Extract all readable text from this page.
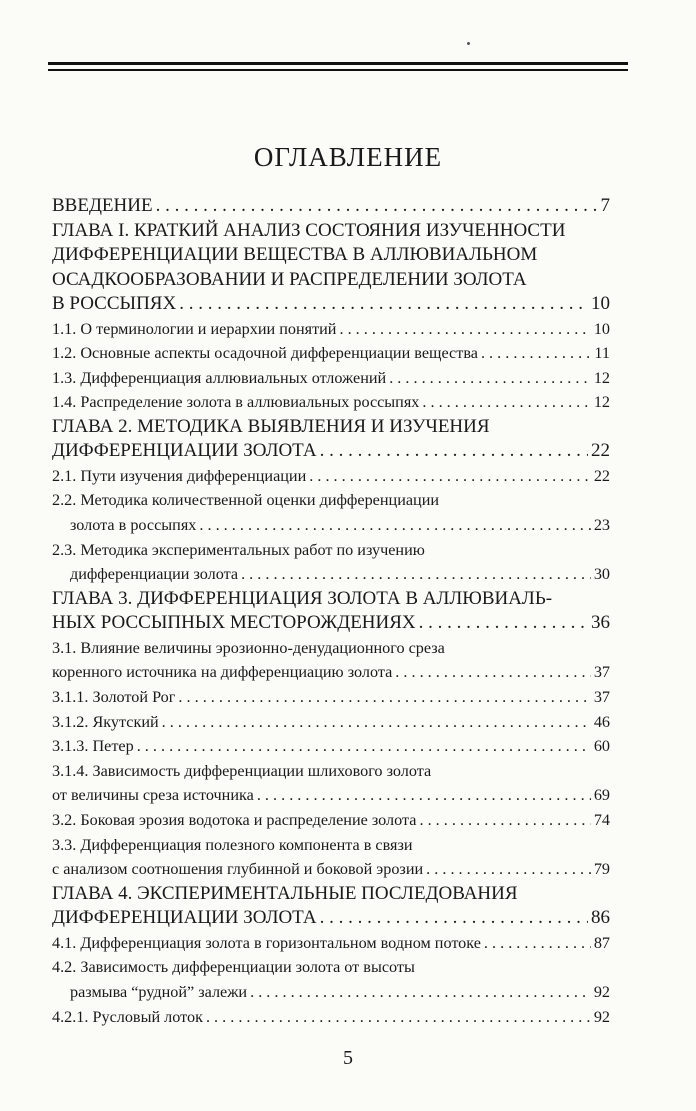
ОГЛАВЛЕНИЕ
ВВЕДЕНИЕ . . .	7
ГЛАВА I. КРАТКИЙ АНАЛИЗ СОСТОЯНИЯ ИЗУЧЕННОСТИ
ДИФФЕРЕНЦИАЦИИ ВЕЩЕСТВА В АЛЛЮВИАЛЬНОМ
ОСАДКООБРАЗОВАНИИ И РАСПРЕДЕЛЕНИИ ЗОЛОТА
В РОССЫПЯХ . . .	10
1.1. О терминологии и иерархии понятий . . .	10
1.2. Основные аспекты осадочной дифференциации вещества . . .	11
1.3. Дифференциация аллювиальных отложений . . .	12
1.4. Распределение золота в аллювиальных россыпях . . .	12
ГЛАВА 2. МЕТОДИКА ВЫЯВЛЕНИЯ И ИЗУЧЕНИЯ
ДИФФЕРЕНЦИАЦИИ ЗОЛОТА . . .	22
2.1. Пути изучения дифференциации . . .	22
2.2. Методика количественной оценки дифференциации
золота в россыпях . . .	23
2.3. Методика экспериментальных работ по изучению
дифференциации золота . . .	30
ГЛАВА 3. ДИФФЕРЕНЦИАЦИЯ ЗОЛОТА В АЛЛЮВИАЛЬ-
НЫХ РОССЫПНЫХ МЕСТОРОЖДЕНИЯХ . . .	36
3.1. Влияние величины эрозионно-денудационного среза
коренного источника на дифференциацию золота . . .	37
3.1.1. Золотой Рог . . .	37
3.1.2. Якутский . . .	46
3.1.3. Петер . . .	60
3.1.4. Зависимость дифференциации шлихового золота
от величины среза источника . . .	69
3.2. Боковая эрозия водотока и распределение золота . . .	74
3.3. Дифференциация полезного компонента в связи
с анализом соотношения глубинной и боковой эрозии . . .	79
ГЛАВА 4. ЭКСПЕРИМЕНТАЛЬНЫЕ ПОСЛЕДОВАНИЯ
ДИФФЕРЕНЦИАЦИИ ЗОЛОТА . . .	86
4.1. Дифференциация золота в горизонтальном водном потоке . . .	87
4.2. Зависимость дифференциации золота от высоты
размыва “рудной” залежи . . .	92
4.2.1. Русловый лоток . . .	92
5
